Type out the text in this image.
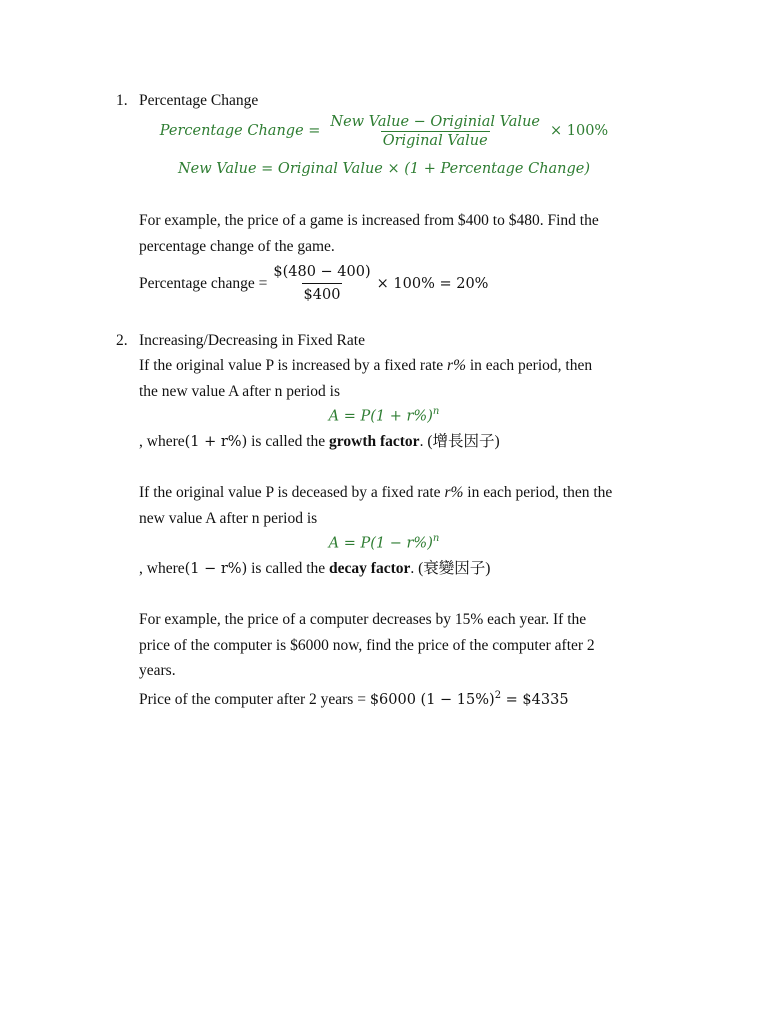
1. Percentage Change
Percentage Change = $\frac{\text{New Value − Originial Value}}{\text{Original Value}} \times 100\%$
New Value = Original Value × (1 + Percentage Change)
For example, the price of a game is increased from $400 to $480. Find the
percentage change of the game.
Percentage change = $\frac{\$(480 - 400)}{\$400} \times 100\% = 20\%$
2. Increasing/Decreasing in Fixed Rate
If the original value P is increased by a fixed rate r% in each period, then
the new value A after n period is
$A = P(1 + r\%)^n$
, where(1 + r%) is called the growth factor. (增長因子)
If the original value P is deceased by a fixed rate r% in each period, then the
new value A after n period is
$A = P(1 - r\%)^n$
, where(1 − r%) is called the decay factor. (衰變因子)
For example, the price of a computer decreases by 15% each year. If the
price of the computer is $6000 now, find the price of the computer after 2
years.
Price of the computer after 2 years = $6000 $(1 - 15\%)^2$ = $4335
